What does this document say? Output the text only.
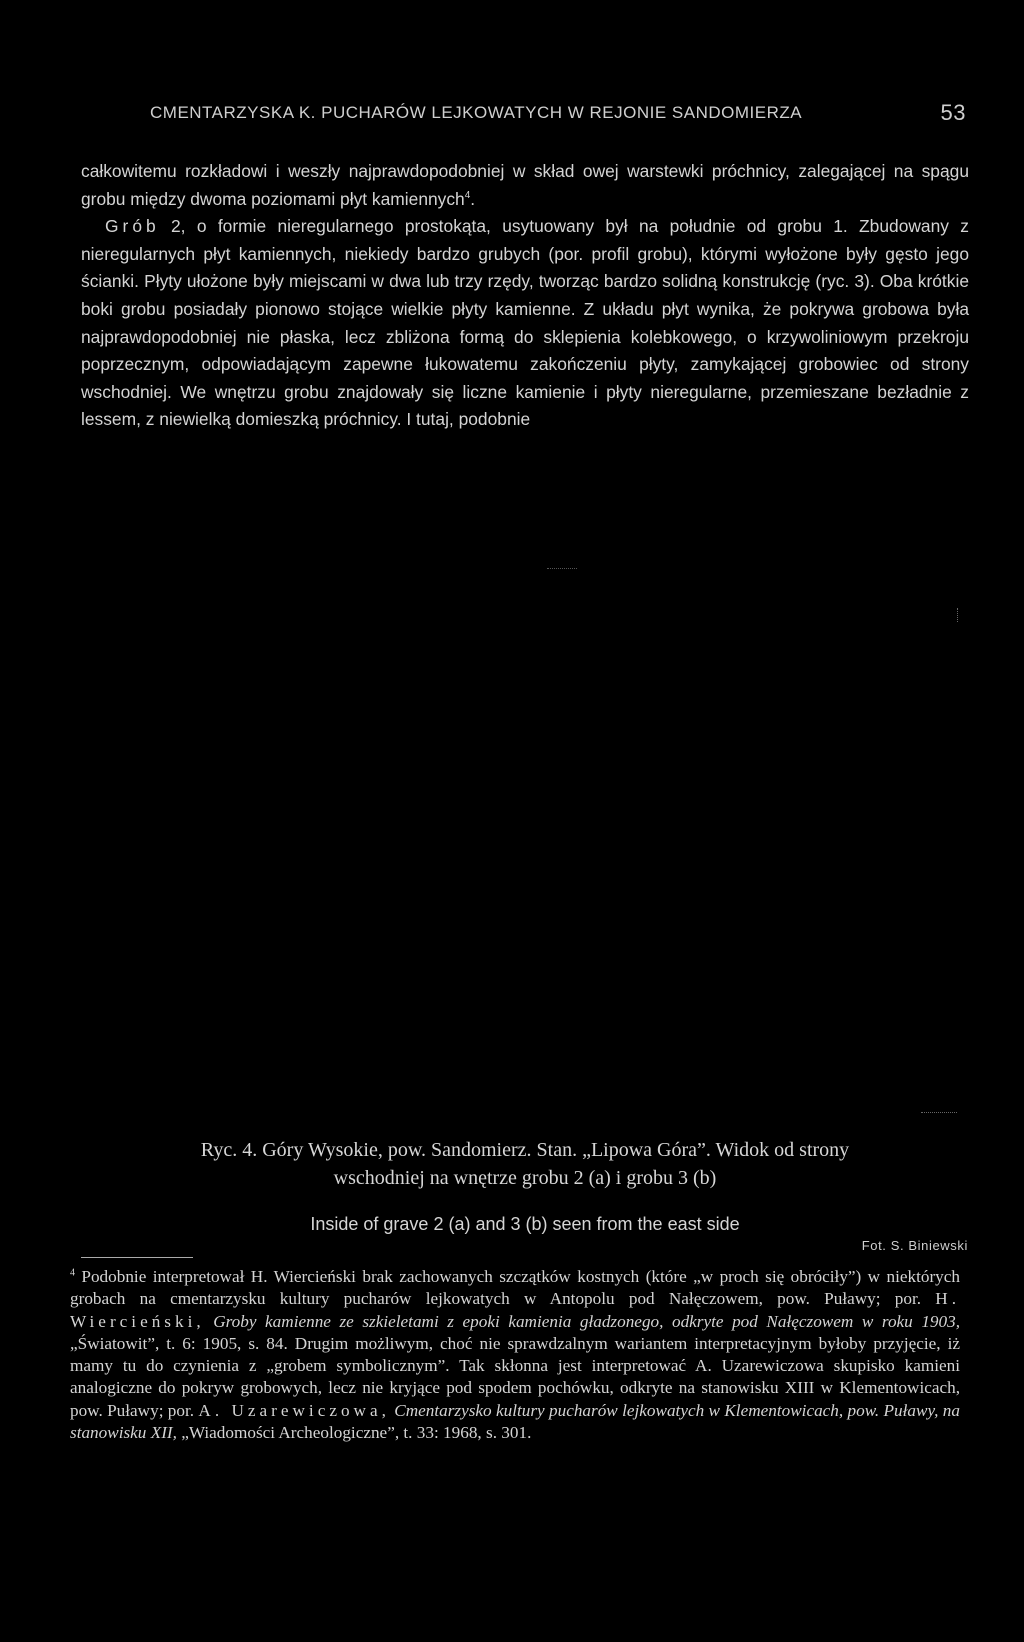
CMENTARZYSKA K. PUCHARÓW LEJKOWATYCH W REJONIE SANDOMIERZA	53

całkowitemu rozkładowi i weszły najprawdopodobniej w skład owej warstewki próchnicy, zalegającej na spągu grobu między dwoma poziomami płyt kamiennych$^4$.

Grób 2, o formie nieregularnego prostokąta, usytuowany był na południe od grobu 1. Zbudowany z nieregularnych płyt kamiennych, niekiedy bardzo grubych (por. profil grobu), którymi wyłożone były gęsto jego ścianki. Płyty ułożone były miejscami w dwa lub trzy rzędy, tworząc bardzo solidną konstrukcję (ryc. 3). Oba krótkie boki grobu posiadały pionowo stojące wielkie płyty kamienne. Z układu płyt wynika, że pokrywa grobowa była najprawdopodobniej nie płaska, lecz zbliżona formą do sklepienia kolebkowego, o krzywoliniowym przekroju poprzecznym, odpowiadającym zapewne łukowatemu zakończeniu płyty, zamykającej grobowiec od strony wschodniej. We wnętrzu grobu znajdowały się liczne kamienie i płyty nieregularne, przemieszane bezładnie z lessem, z niewielką domieszką próchnicy. I tutaj, podobnie

Ryc. 4. Góry Wysokie, pow. Sandomierz. Stan. „Lipowa Góra”. Widok od strony
wschodniej na wnętrze grobu 2 (a) i grobu 3 (b)
Inside of grave 2 (a) and 3 (b) seen from the east side
Fot. S. Biniewski
$^4$ Podobnie interpretował H. Wiercieński brak zachowanych szczątków kostnych (które „w proch się obróciły”) w niektórych grobach na cmentarzysku kultury pucharów lejkowatych w Antopolu pod Nałęczowem, pow. Puławy; por. H. Wiercieński, Groby kamienne ze szkieletami z epoki kamienia gładzonego, odkryte pod Nałęczowem w roku 1903, „Światowit”, t. 6: 1905, s. 84. Drugim możliwym, choć nie sprawdzalnym wariantem interpretacyjnym byłoby przyjęcie, iż mamy tu do czynienia z „grobem symbolicznym”. Tak skłonna jest interpretować A. Uzarewiczowa skupisko kamieni analogiczne do pokryw grobowych, lecz nie kryjące pod spodem pochówku, odkryte na stanowisku XIII w Klementowicach, pow. Puławy; por. A. Uzarewiczowa, Cmentarzysko kultury pucharów lejkowatych w Klementowicach, pow. Puławy, na stanowisku XII, „Wiadomości Archeologiczne”, t. 33: 1968, s. 301.
